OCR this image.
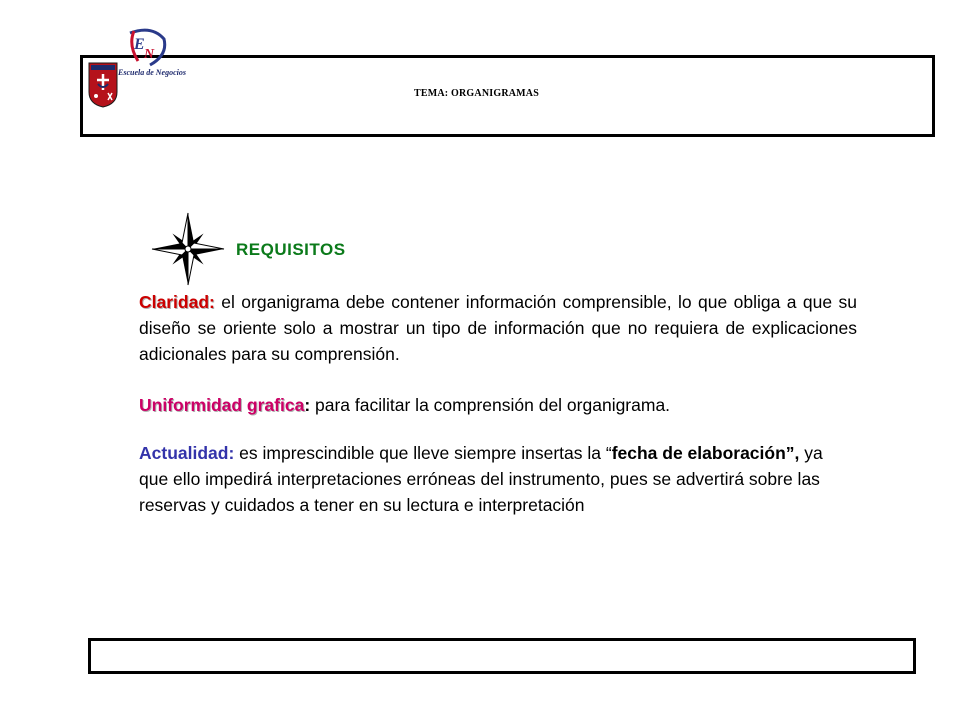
E
N
Escuela de Negocios
TEMA: ORGANIGRAMAS
REQUISITOS

Claridad: el organigrama debe contener información comprensible, lo que obliga a que su diseño se oriente solo a mostrar un tipo de información que no requiera de explicaciones adicionales para su comprensión.

Uniformidad grafica: para facilitar la comprensión del organigrama.

Actualidad: es imprescindible que lleve siempre insertas la “fecha de elaboración”, ya que ello impedirá interpretaciones erróneas del instrumento, pues se advertirá sobre las reservas y cuidados a tener en su lectura e interpretación
